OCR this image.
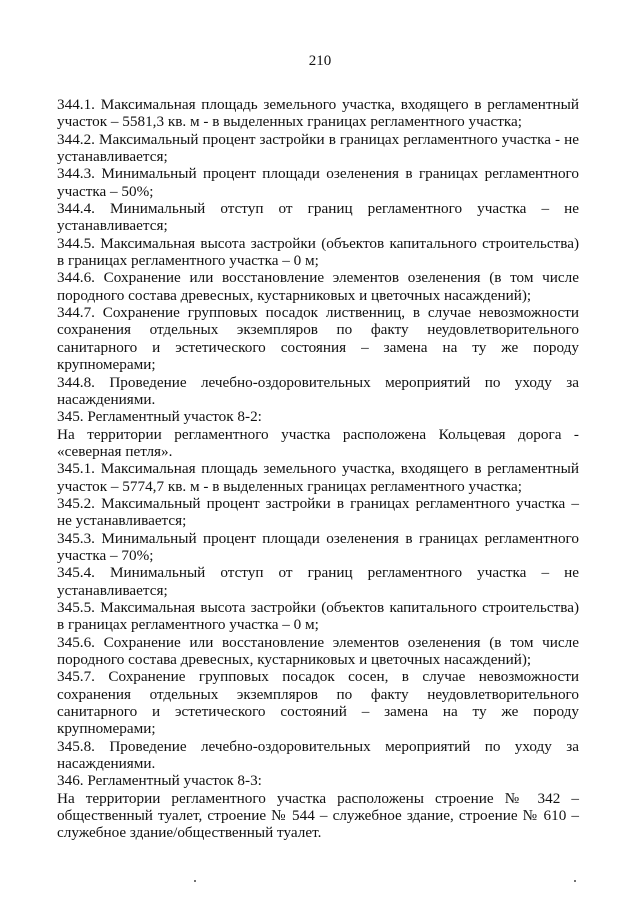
210

344.1. Максимальная площадь земельного участка, входящего в регламентный участок – 5581,3 кв. м - в выделенных границах регламентного участка;

344.2. Максимальный процент застройки в границах регламентного участка - не устанавливается;

344.3. Минимальный процент площади озеленения в границах регламентного участка – 50%;

344.4. Минимальный отступ от границ регламентного участка – не устанавливается;

344.5. Максимальная высота застройки (объектов капитального строительства) в границах регламентного участка – 0 м;

344.6. Сохранение или восстановление элементов озеленения (в том числе породного состава древесных, кустарниковых и цветочных насаждений);

344.7. Сохранение групповых посадок лиственниц, в случае невозможности сохранения отдельных экземпляров по факту неудовлетворительного санитарного и эстетического состояния – замена на ту же породу крупномерами;

344.8. Проведение лечебно-оздоровительных мероприятий по уходу за насаждениями.

345. Регламентный участок 8-2:

На территории регламентного участка расположена Кольцевая дорога - «северная петля».

345.1. Максимальная площадь земельного участка, входящего в регламентный участок – 5774,7 кв. м - в выделенных границах регламентного участка;

345.2. Максимальный процент застройки в границах регламентного участка – не устанавливается;

345.3. Минимальный процент площади озеленения в границах регламентного участка – 70%;

345.4. Минимальный отступ от границ регламентного участка – не устанавливается;

345.5. Максимальная высота застройки (объектов капитального строительства) в границах регламентного участка – 0 м;

345.6. Сохранение или восстановление элементов озеленения (в том числе породного состава древесных, кустарниковых и цветочных насаждений);

345.7. Сохранение групповых посадок сосен, в случае невозможности сохранения отдельных экземпляров по факту неудовлетворительного санитарного и эстетического состояний – замена на ту же породу крупномерами;

345.8. Проведение лечебно-оздоровительных мероприятий по уходу за насаждениями.

346. Регламентный участок 8-3:

На территории регламентного участка расположены строение № 342 – общественный туалет, строение № 544 – служебное здание, строение № 610 – служебное здание/общественный туалет.
